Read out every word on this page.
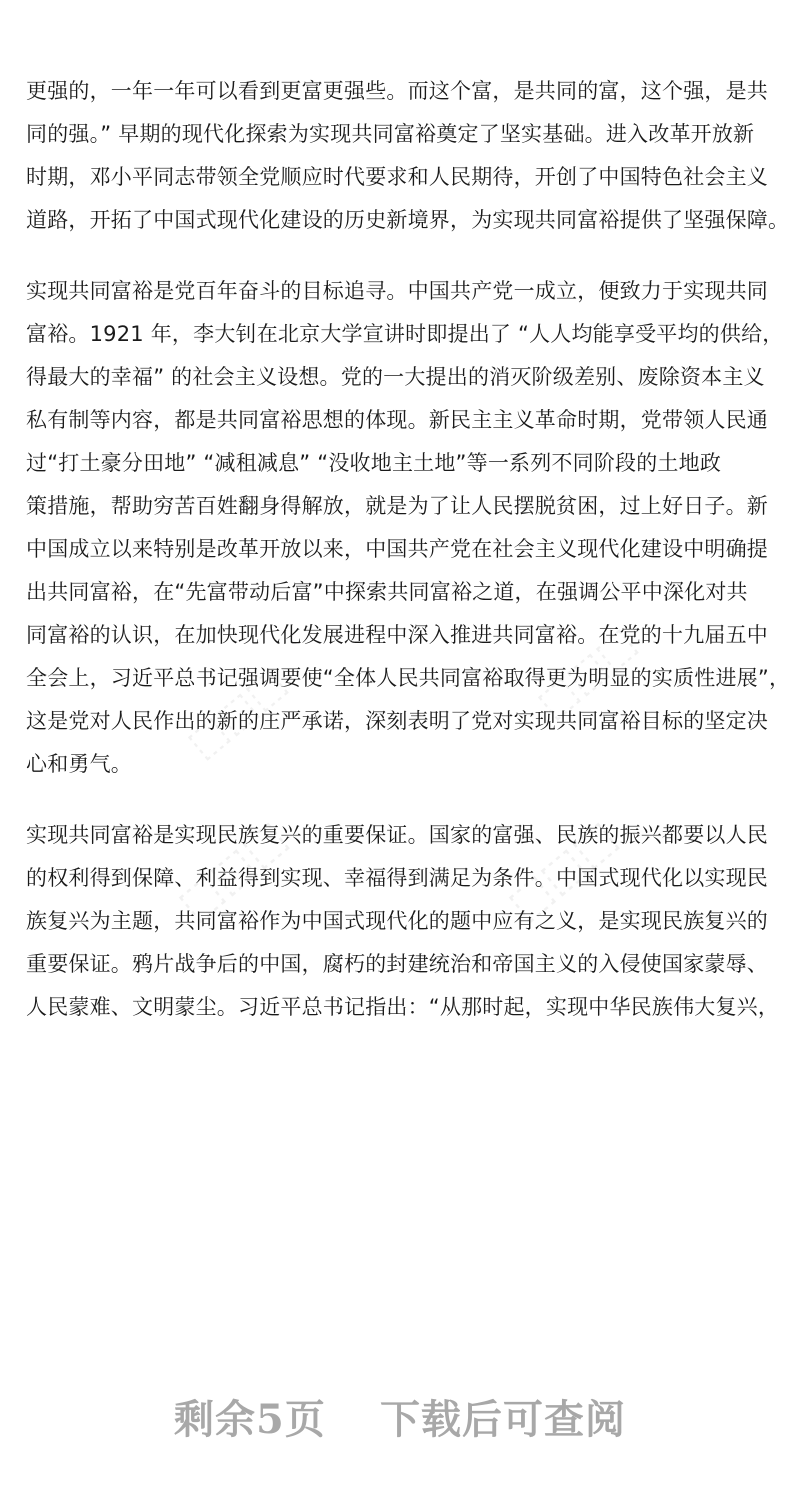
⬚⬚⬚	⬚⬚⬚
⬚⬚⬚	⬚⬚⬚
更强的，一年一年可以看到更富更强些。而这个富，是共同的富，这个强，是共
同的强。” 早期的现代化探索为实现共同富裕奠定了坚实基础。进入改革开放新
时期，邓小平同志带领全党顺应时代要求和人民期待，开创了中国特色社会主义
道路，开拓了中国式现代化建设的历史新境界，为实现共同富裕提供了坚强保障。
实现共同富裕是党百年奋斗的目标追寻。中国共产党一成立，便致力于实现共同
富裕。1921 年，李大钊在北京大学宣讲时即提出了 “人人均能享受平均的供给，
得最大的幸福” 的社会主义设想。党的一大提出的消灭阶级差别、废除资本主义
私有制等内容，都是共同富裕思想的体现。新民主主义革命时期，党带领人民通
过“打土豪分田地” “减租减息” “没收地主土地”等一系列不同阶段的土地政
策措施，帮助穷苦百姓翻身得解放，就是为了让人民摆脱贫困，过上好日子。新
中国成立以来特别是改革开放以来，中国共产党在社会主义现代化建设中明确提
出共同富裕，在“先富带动后富”中探索共同富裕之道，在强调公平中深化对共
同富裕的认识，在加快现代化发展进程中深入推进共同富裕。在党的十九届五中
全会上，习近平总书记强调要使“全体人民共同富裕取得更为明显的实质性进展”，
这是党对人民作出的新的庄严承诺，深刻表明了党对实现共同富裕目标的坚定决
心和勇气。
实现共同富裕是实现民族复兴的重要保证。国家的富强、民族的振兴都要以人民
的权利得到保障、利益得到实现、幸福得到满足为条件。中国式现代化以实现民
族复兴为主题，共同富裕作为中国式现代化的题中应有之义，是实现民族复兴的
重要保证。鸦片战争后的中国，腐朽的封建统治和帝国主义的入侵使国家蒙辱、
人民蒙难、文明蒙尘。习近平总书记指出：“从那时起，实现中华民族伟大复兴，
剩余5页 下载后可查阅
